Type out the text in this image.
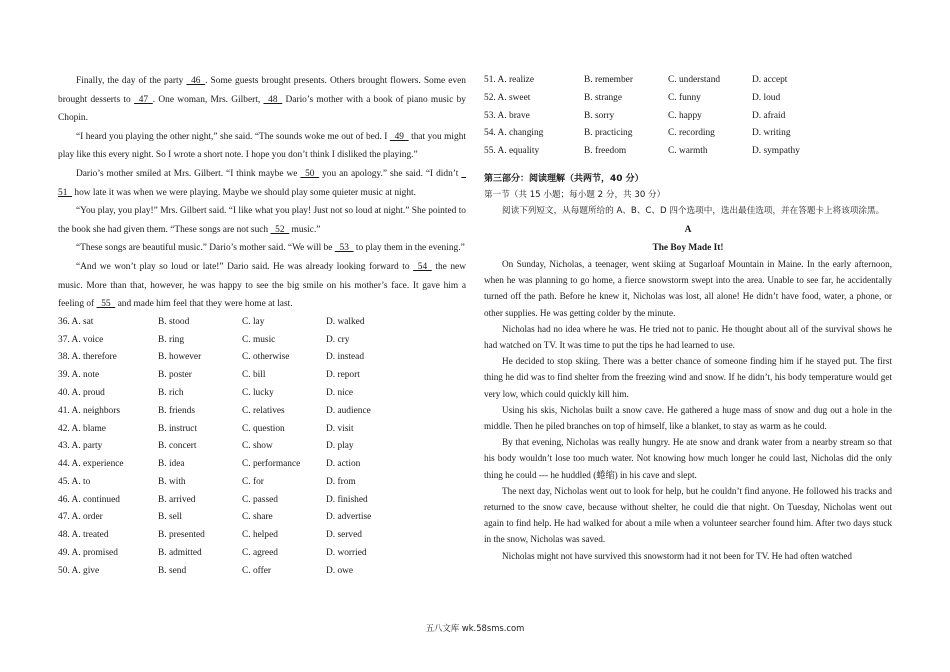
Finally, the day of the party  46 . Some guests brought presents. Others brought flowers. Some even brought desserts to  47 . One woman, Mrs. Gilbert,  48  Dario’s mother with a book of piano music by Chopin.

“I heard you playing the other night,” she said. “The sounds woke me out of bed. I  49  that you might play like this every night. So I wrote a short note. I hope you don’t think I disliked the playing.”

Dario’s mother smiled at Mrs. Gilbert. “I think maybe we  50  you an apology.” she said. “I didn’t  51  how late it was when we were playing. Maybe we should play some quieter music at night.

“You play, you play!” Mrs. Gilbert said. “I like what you play! Just not so loud at night.” She pointed to the book she had given them. “These songs are not such  52  music.”

“These songs are beautiful music.” Dario’s mother said. “We will be  53  to play them in the evening.”

“And we won’t play so loud or late!” Dario said. He was already looking forward to  54  the new music. More than that, however, he was happy to see the big smile on his mother’s face. It gave him a feeling of  55  and made him feel that they were home at last.

36. A. sat	B. stood	C. lay	D. walked
37. A. voice	B. ring	C. music	D. cry
38. A. therefore	B. however	C. otherwise	D. instead
39. A. note	B. poster	C. bill	D. report
40. A. proud	B. rich	C. lucky	D. nice
41. A. neighbors	B. friends	C. relatives	D. audience
42. A. blame	B. instruct	C. question	D. visit
43. A. party	B. concert	C. show	D. play
44. A. experience	B. idea	C. performance	D. action
45. A. to	B. with	C. for	D. from
46. A. continued	B. arrived	C. passed	D. finished
47. A. order	B. sell	C. share	D. advertise
48. A. treated	B. presented	C. helped	D. served
49. A. promised	B. admitted	C. agreed	D. worried
50. A. give	B. send	C. offer	D. owe
51. A. realize	B. remember	C. understand	D. accept
52. A. sweet	B. strange	C. funny	D. loud
53. A. brave	B. sorry	C. happy	D. afraid
54. A. changing	B. practicing	C. recording	D. writing
55. A. equality	B. freedom	C. warmth	D. sympathy
第三部分：阅读理解（共两节，40 分）
第一节（共 15 小题；每小题 2 分，共 30 分）

阅读下列短文，从每题所给的 A、B、C、D 四个选项中，选出最佳选项，并在答题卡上将该项涂黑。

A
The Boy Made It!

On Sunday, Nicholas, a teenager, went skiing at Sugarloaf Mountain in Maine. In the early afternoon, when he was planning to go home, a fierce snowstorm swept into the area. Unable to see far, he accidentally turned off the path. Before he knew it, Nicholas was lost, all alone! He didn’t have food, water, a phone, or other supplies. He was getting colder by the minute.

Nicholas had no idea where he was. He tried not to panic. He thought about all of the survival shows he had watched on TV. It was time to put the tips he had learned to use.

He decided to stop skiing. There was a better chance of someone finding him if he stayed put. The first thing he did was to find shelter from the freezing wind and snow. If he didn’t, his body temperature would get very low, which could quickly kill him.

Using his skis, Nicholas built a snow cave. He gathered a huge mass of snow and dug out a hole in the middle. Then he piled branches on top of himself, like a blanket, to stay as warm as he could.

By that evening, Nicholas was really hungry. He ate snow and drank water from a nearby stream so that his body wouldn’t lose too much water. Not knowing how much longer he could last, Nicholas did the only thing he could --- he huddled (蜷缩) in his cave and slept.

The next day, Nicholas went out to look for help, but he couldn’t find anyone. He followed his tracks and returned to the snow cave, because without shelter, he could die that night. On Tuesday, Nicholas went out again to find help. He had walked for about a mile when a volunteer searcher found him. After two days stuck in the snow, Nicholas was saved.

Nicholas might not have survived this snowstorm had it not been for TV. He had often watched

五八文库 wk.58sms.com
